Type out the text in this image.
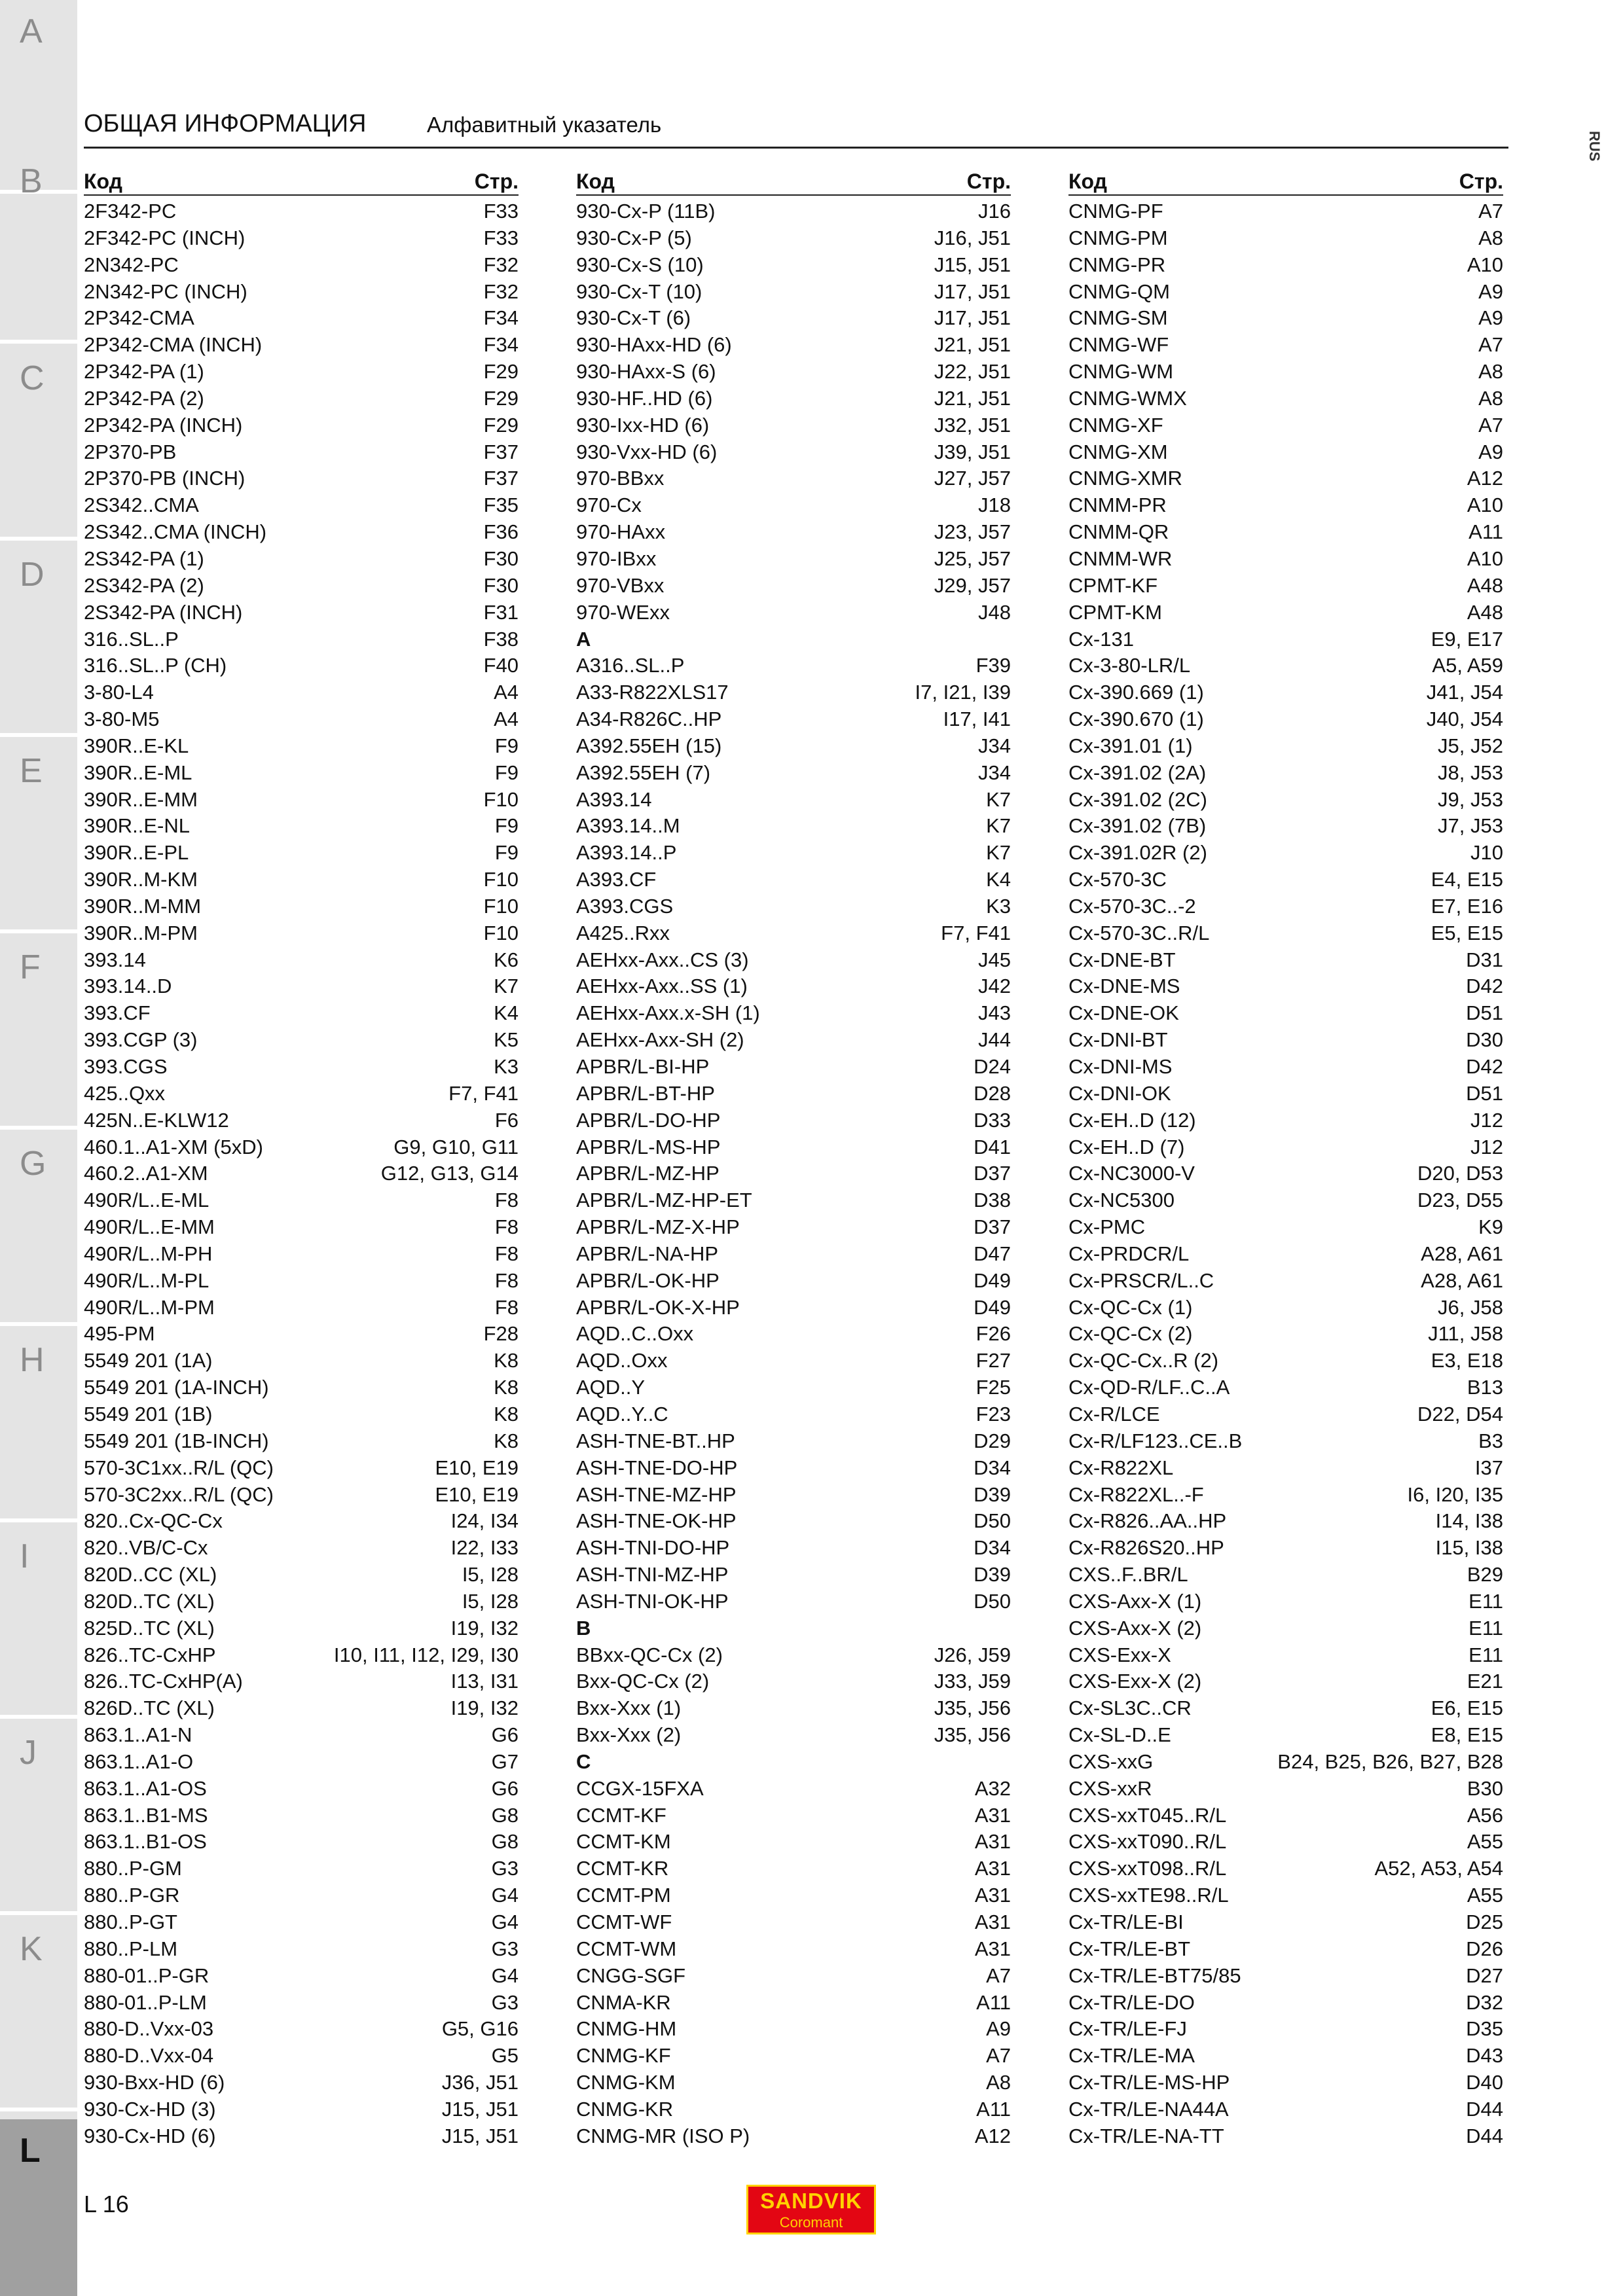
A
B
C
D
E
F
G
H
I
J
K
L
RUS
ОБЩАЯ ИНФОРМАЦИЯ	Алфавитный указатель
Код	Стр.
2F342-PC	F33
2F342-PC (INCH)	F33
2N342-PC	F32
2N342-PC (INCH)	F32
2P342-CMA	F34
2P342-CMA (INCH)	F34
2P342-PA (1)	F29
2P342-PA (2)	F29
2P342-PA (INCH)	F29
2P370-PB	F37
2P370-PB (INCH)	F37
2S342..CMA	F35
2S342..CMA (INCH)	F36
2S342-PA (1)	F30
2S342-PA (2)	F30
2S342-PA (INCH)	F31
316..SL..P	F38
316..SL..P (CH)	F40
3-80-L4	A4
3-80-M5	A4
390R..E-KL	F9
390R..E-ML	F9
390R..E-MM	F10
390R..E-NL	F9
390R..E-PL	F9
390R..M-KM	F10
390R..M-MM	F10
390R..M-PM	F10
393.14	K6
393.14..D	K7
393.CF	K4
393.CGP (3)	K5
393.CGS	K3
425..Qxx	F7, F41
425N..E-KLW12	F6
460.1..A1-XM (5xD)	G9, G10, G11
460.2..A1-XM	G12, G13, G14
490R/L..E-ML	F8
490R/L..E-MM	F8
490R/L..M-PH	F8
490R/L..M-PL	F8
490R/L..M-PM	F8
495-PM	F28
5549 201 (1A)	K8
5549 201 (1A-INCH)	K8
5549 201 (1B)	K8
5549 201 (1B-INCH)	K8
570-3C1xx..R/L (QC)	E10, E19
570-3C2xx..R/L (QC)	E10, E19
820..Cx-QC-Cx	I24, I34
820..VB/C-Cx	I22, I33
820D..CC (XL)	I5, I28
820D..TC (XL)	I5, I28
825D..TC (XL)	I19, I32
826..TC-CxHP	I10, I11, I12, I29, I30
826..TC-CxHP(A)	I13, I31
826D..TC (XL)	I19, I32
863.1..A1-N	G6
863.1..A1-O	G7
863.1..A1-OS	G6
863.1..B1-MS	G8
863.1..B1-OS	G8
880..P-GM	G3
880..P-GR	G4
880..P-GT	G4
880..P-LM	G3
880-01..P-GR	G4
880-01..P-LM	G3
880-D..Vxx-03	G5, G16
880-D..Vxx-04	G5
930-Bxx-HD (6)	J36, J51
930-Cx-HD (3)	J15, J51
930-Cx-HD (6)	J15, J51
Код	Стр.
930-Cx-P (11B)	J16
930-Cx-P (5)	J16, J51
930-Cx-S (10)	J15, J51
930-Cx-T (10)	J17, J51
930-Cx-T (6)	J17, J51
930-HAxx-HD (6)	J21, J51
930-HAxx-S (6)	J22, J51
930-HF..HD (6)	J21, J51
930-Ixx-HD (6)	J32, J51
930-Vxx-HD (6)	J39, J51
970-BBxx	J27, J57
970-Cx	J18
970-HAxx	J23, J57
970-IBxx	J25, J57
970-VBxx	J29, J57
970-WExx	J48
A
A316..SL..P	F39
A33-R822XLS17	I7, I21, I39
A34-R826C..HP	I17, I41
A392.55EH (15)	J34
A392.55EH (7)	J34
A393.14	K7
A393.14..M	K7
A393.14..P	K7
A393.CF	K4
A393.CGS	K3
A425..Rxx	F7, F41
AEHxx-Axx..CS (3)	J45
AEHxx-Axx..SS (1)	J42
AEHxx-Axx.x-SH (1)	J43
AEHxx-Axx-SH (2)	J44
APBR/L-BI-HP	D24
APBR/L-BT-HP	D28
APBR/L-DO-HP	D33
APBR/L-MS-HP	D41
APBR/L-MZ-HP	D37
APBR/L-MZ-HP-ET	D38
APBR/L-MZ-X-HP	D37
APBR/L-NA-HP	D47
APBR/L-OK-HP	D49
APBR/L-OK-X-HP	D49
AQD..C..Oxx	F26
AQD..Oxx	F27
AQD..Y	F25
AQD..Y..C	F23
ASH-TNE-BT..HP	D29
ASH-TNE-DO-HP	D34
ASH-TNE-MZ-HP	D39
ASH-TNE-OK-HP	D50
ASH-TNI-DO-HP	D34
ASH-TNI-MZ-HP	D39
ASH-TNI-OK-HP	D50
B
BBxx-QC-Cx (2)	J26, J59
Bxx-QC-Cx (2)	J33, J59
Bxx-Xxx (1)	J35, J56
Bxx-Xxx (2)	J35, J56
C
CCGX-15FXA	A32
CCMT-KF	A31
CCMT-KM	A31
CCMT-KR	A31
CCMT-PM	A31
CCMT-WF	A31
CCMT-WM	A31
CNGG-SGF	A7
CNMA-KR	A11
CNMG-HM	A9
CNMG-KF	A7
CNMG-KM	A8
CNMG-KR	A11
CNMG-MR (ISO P)	A12
Код	Стр.
CNMG-PF	A7
CNMG-PM	A8
CNMG-PR	A10
CNMG-QM	A9
CNMG-SM	A9
CNMG-WF	A7
CNMG-WM	A8
CNMG-WMX	A8
CNMG-XF	A7
CNMG-XM	A9
CNMG-XMR	A12
CNMM-PR	A10
CNMM-QR	A11
CNMM-WR	A10
CPMT-KF	A48
CPMT-KM	A48
Cx-131	E9, E17
Cx-3-80-LR/L	A5, A59
Cx-390.669 (1)	J41, J54
Cx-390.670 (1)	J40, J54
Cx-391.01 (1)	J5, J52
Cx-391.02 (2A)	J8, J53
Cx-391.02 (2C)	J9, J53
Cx-391.02 (7B)	J7, J53
Cx-391.02R (2)	J10
Cx-570-3C	E4, E15
Cx-570-3C..-2	E7, E16
Cx-570-3C..R/L	E5, E15
Cx-DNE-BT	D31
Cx-DNE-MS	D42
Cx-DNE-OK	D51
Cx-DNI-BT	D30
Cx-DNI-MS	D42
Cx-DNI-OK	D51
Cx-EH..D (12)	J12
Cx-EH..D (7)	J12
Cx-NC3000-V	D20, D53
Cx-NC5300	D23, D55
Cx-PMC	K9
Cx-PRDCR/L	A28, A61
Cx-PRSCR/L..C	A28, A61
Cx-QC-Cx (1)	J6, J58
Cx-QC-Cx (2)	J11, J58
Cx-QC-Cx..R (2)	E3, E18
Cx-QD-R/LF..C..A	B13
Cx-R/LCE	D22, D54
Cx-R/LF123..CE..B	B3
Cx-R822XL	I37
Cx-R822XL..-F	I6, I20, I35
Cx-R826..AA..HP	I14, I38
Cx-R826S20..HP	I15, I38
CXS..F..BR/L	B29
CXS-Axx-X (1)	E11
CXS-Axx-X (2)	E11
CXS-Exx-X	E11
CXS-Exx-X (2)	E21
Cx-SL3C..CR	E6, E15
Cx-SL-D..E	E8, E15
CXS-xxG	B24, B25, B26, B27, B28
CXS-xxR	B30
CXS-xxT045..R/L	A56
CXS-xxT090..R/L	A55
CXS-xxT098..R/L	A52, A53, A54
CXS-xxTE98..R/L	A55
Cx-TR/LE-BI	D25
Cx-TR/LE-BT	D26
Cx-TR/LE-BT75/85	D27
Cx-TR/LE-DO	D32
Cx-TR/LE-FJ	D35
Cx-TR/LE-MA	D43
Cx-TR/LE-MS-HP	D40
Cx-TR/LE-NA44A	D44
Cx-TR/LE-NA-TT	D44
L 16	SANDVIK
Coromant
